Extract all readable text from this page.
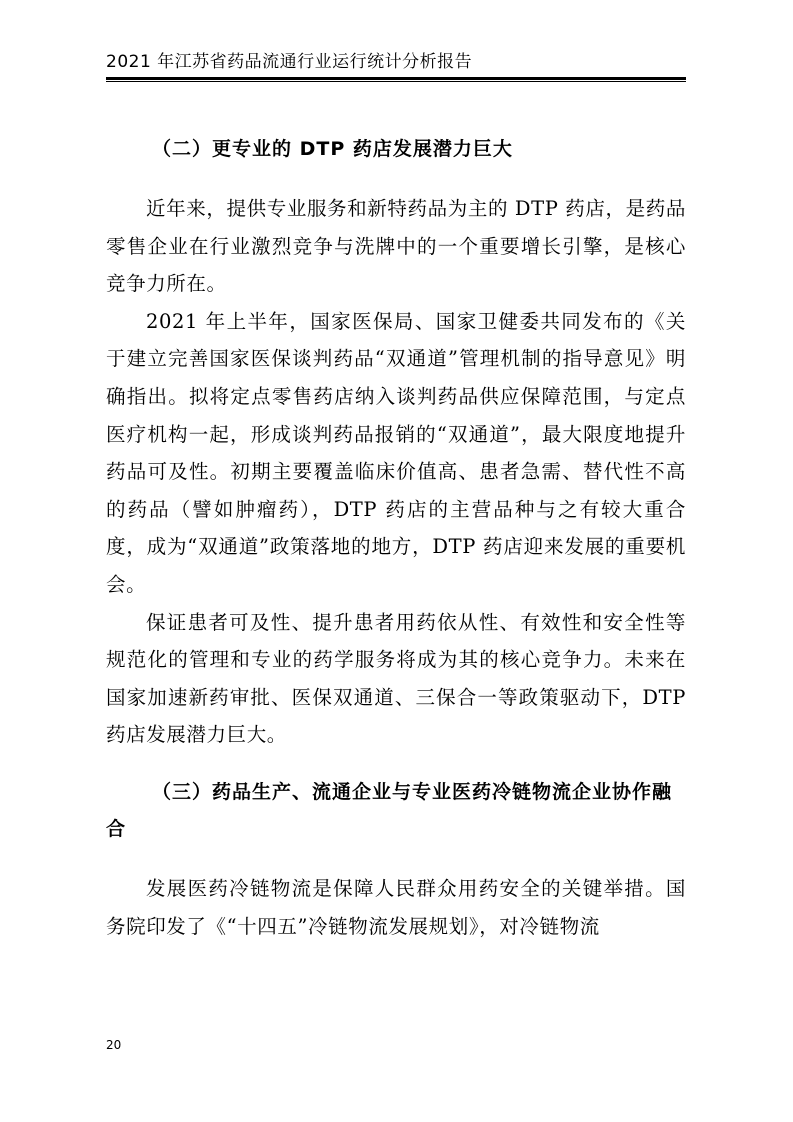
2021 年江苏省药品流通行业运行统计分析报告
（二）更专业的 DTP 药店发展潜力巨大

近年来，提供专业服务和新特药品为主的 DTP 药店，是药品零售企业在行业激烈竞争与洗牌中的一个重要增长引擎，是核心竞争力所在。

2021 年上半年，国家医保局、国家卫健委共同发布的《关于建立完善国家医保谈判药品“双通道”管理机制的指导意见》明确指出。拟将定点零售药店纳入谈判药品供应保障范围，与定点医疗机构一起，形成谈判药品报销的“双通道”，最大限度地提升药品可及性。初期主要覆盖临床价值高、患者急需、替代性不高的药品（譬如肿瘤药），DTP 药店的主营品种与之有较大重合度，成为“双通道”政策落地的地方，DTP 药店迎来发展的重要机会。

保证患者可及性、提升患者用药依从性、有效性和安全性等规范化的管理和专业的药学服务将成为其的核心竞争力。未来在国家加速新药审批、医保双通道、三保合一等政策驱动下，DTP 药店发展潜力巨大。

（三）药品生产、流通企业与专业医药冷链物流企业协作融合

发展医药冷链物流是保障人民群众用药安全的关键举措。国务院印发了《“十四五”冷链物流发展规划》，对冷链物流

20
